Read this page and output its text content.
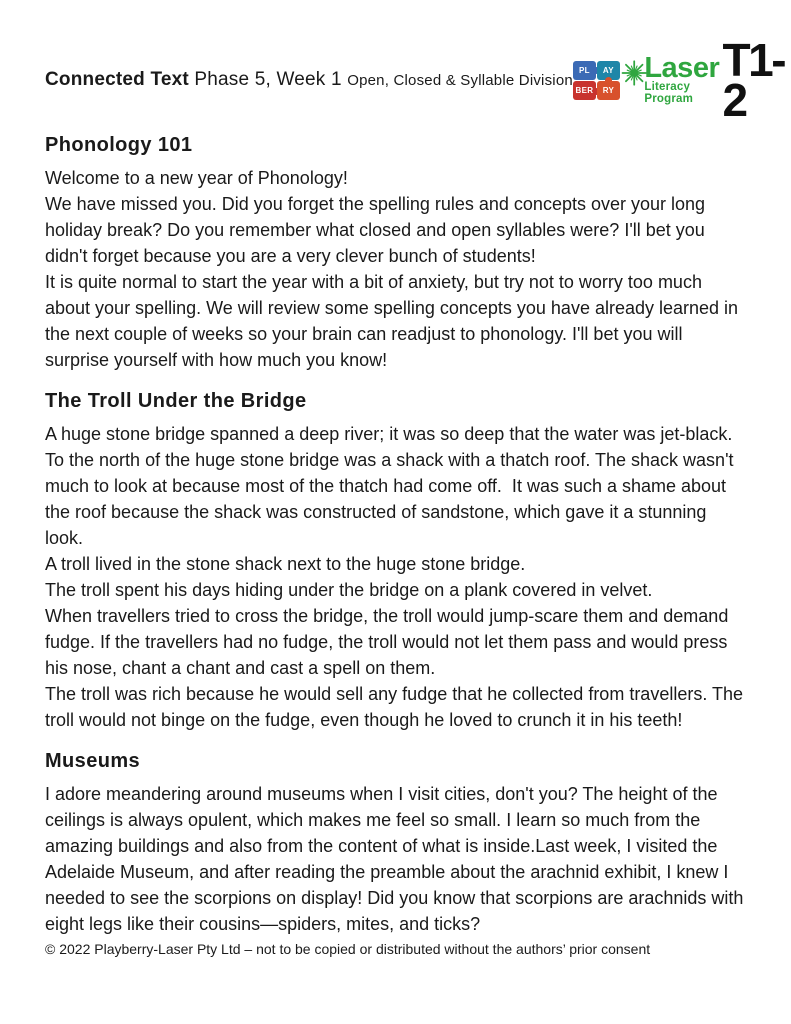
Connected Text Phase 5, Week 1 Open, Closed & Syllable Division
PL	AY
BER	RY
Laser
Literacy Program
T1-2
Phonology 101

Welcome to a new year of Phonology!

We have missed you. Did you forget the spelling rules and concepts over your long holiday break? Do you remember what closed and open syllables were? I'll bet you didn't forget because you are a very clever bunch of students!

It is quite normal to start the year with a bit of anxiety, but try not to worry too much about your spelling. We will review some spelling concepts you have already learned in the next couple of weeks so your brain can readjust to phonology. I'll bet you will surprise yourself with how much you know!

The Troll Under the Bridge

A huge stone bridge spanned a deep river; it was so deep that the water was jet-black.  To the north of the huge stone bridge was a shack with a thatch roof. The shack wasn't much to look at because most of the thatch had come off.  It was such a shame about the roof because the shack was constructed of sandstone, which gave it a stunning look.

A troll lived in the stone shack next to the huge stone bridge.

The troll spent his days hiding under the bridge on a plank covered in velvet.

When travellers tried to cross the bridge, the troll would jump-scare them and demand fudge. If the travellers had no fudge, the troll would not let them pass and would press his nose, chant a chant and cast a spell on them.

The troll was rich because he would sell any fudge that he collected from travellers. The troll would not binge on the fudge, even though he loved to crunch it in his teeth!

Museums

I adore meandering around museums when I visit cities, don't you? The height of the ceilings is always opulent, which makes me feel so small. I learn so much from the amazing buildings and also from the content of what is inside.Last week, I visited the Adelaide Museum, and after reading the preamble about the arachnid exhibit, I knew I needed to see the scorpions on display! Did you know that scorpions are arachnids with eight legs like their cousins—spiders, mites, and ticks?

© 2022 Playberry-Laser Pty Ltd – not to be copied or distributed without the authors’ prior consent
